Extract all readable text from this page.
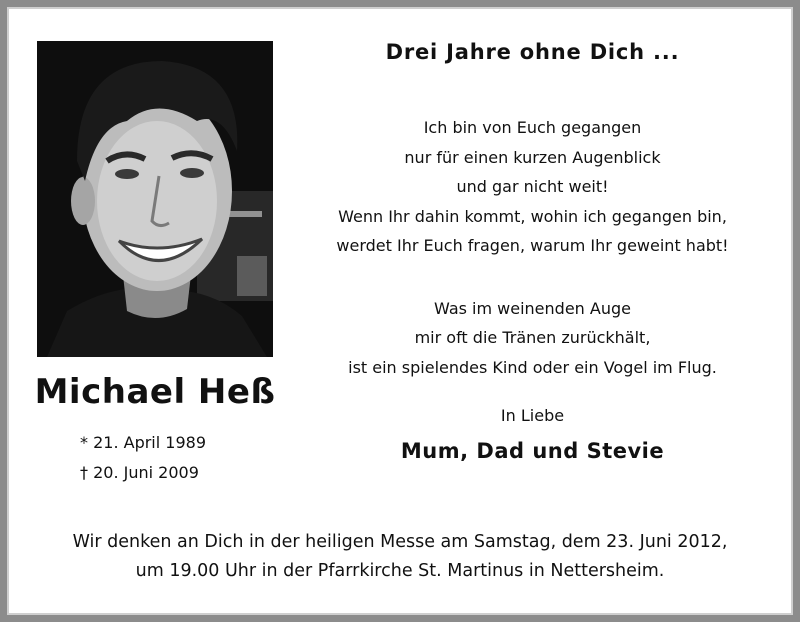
Michael Heß
* 21. April 1989
† 20. Juni 2009
Drei Jahre ohne Dich ...
Ich bin von Euch gegangen
nur für einen kurzen Augenblick
und gar nicht weit!
Wenn Ihr dahin kommt, wohin ich gegangen bin,
werdet Ihr Euch fragen, warum Ihr geweint habt!
Was im weinenden Auge
mir oft die Tränen zurückhält,
ist ein spielendes Kind oder ein Vogel im Flug.
In Liebe
Mum, Dad und Stevie
Wir denken an Dich in der heiligen Messe am Samstag, dem 23. Juni 2012,
um 19.00 Uhr in der Pfarrkirche St. Martinus in Nettersheim.
